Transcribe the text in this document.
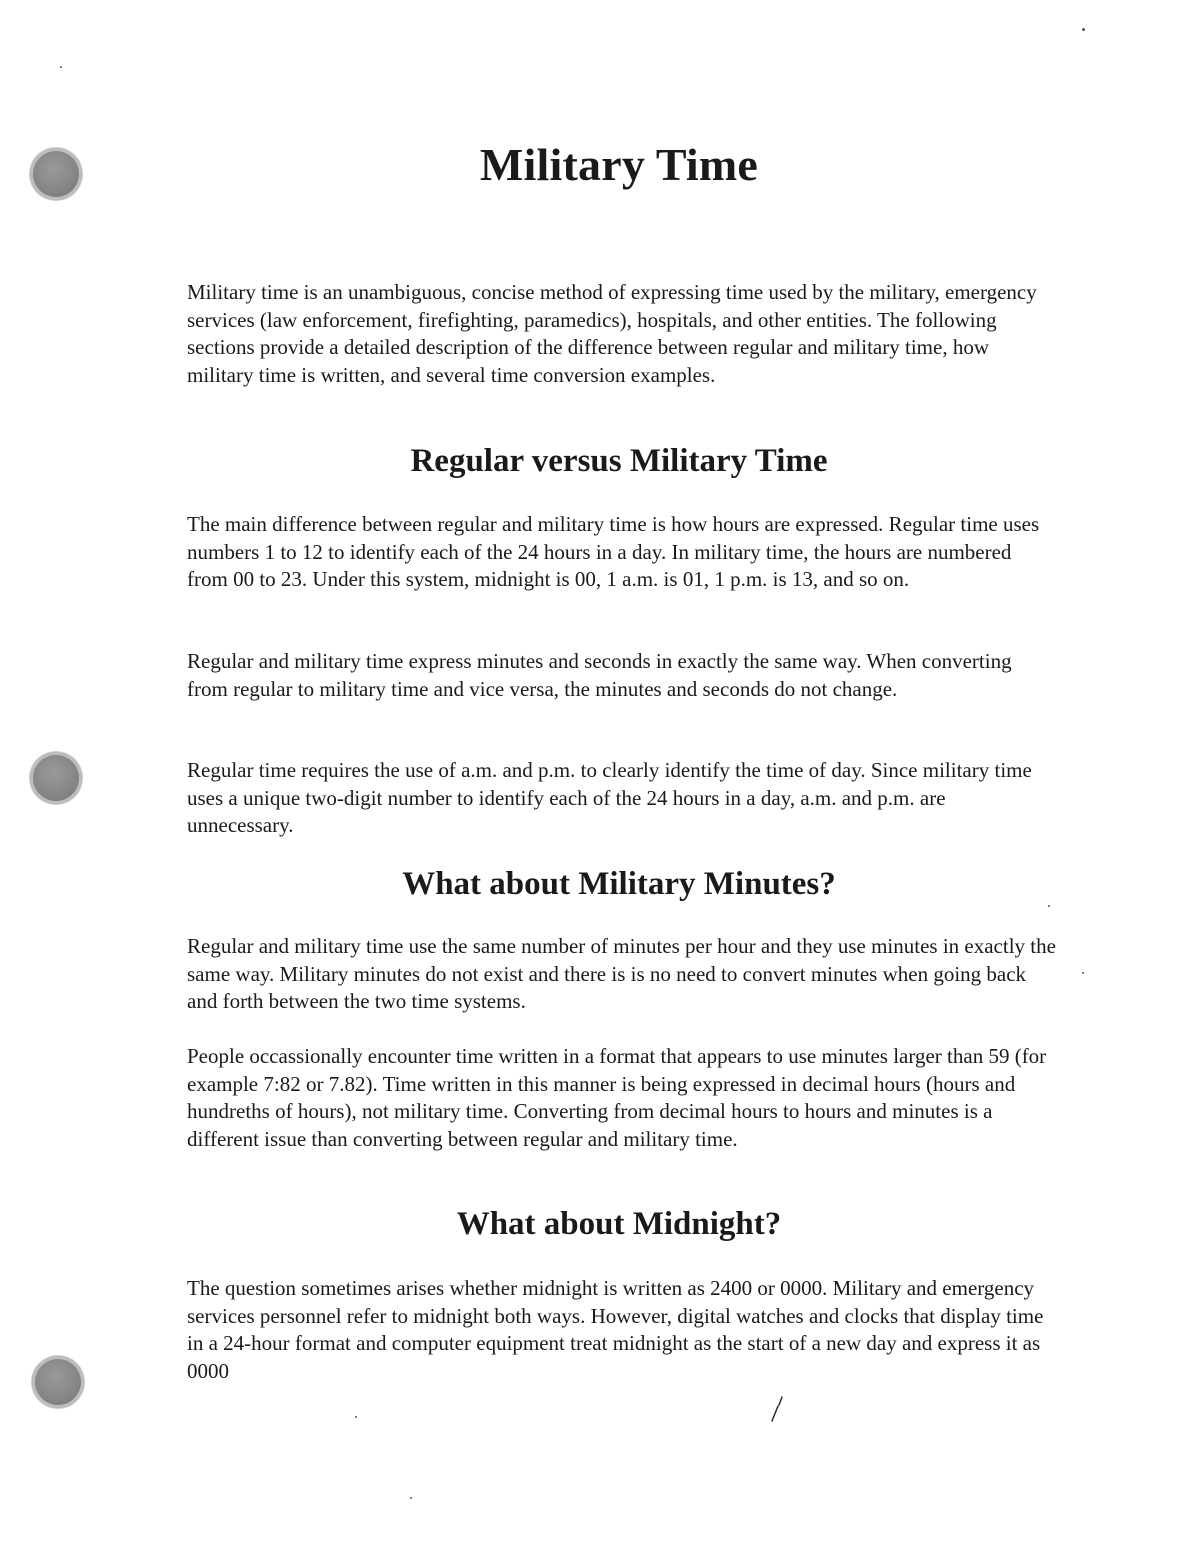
Military Time

Military time is an unambiguous, concise method of expressing time used by the military, emergency services (law enforcement, firefighting, paramedics), hospitals, and other entities. The following sections provide a detailed description of the difference between regular and military time, how military time is written, and several time conversion examples.

Regular versus Military Time

The main difference between regular and military time is how hours are expressed. Regular time uses numbers 1 to 12 to identify each of the 24 hours in a day. In military time, the hours are numbered from 00 to 23. Under this system, midnight is 00, 1 a.m. is 01, 1 p.m. is 13, and so on.

Regular and military time express minutes and seconds in exactly the same way. When converting from regular to military time and vice versa, the minutes and seconds do not change.

Regular time requires the use of a.m. and p.m. to clearly identify the time of day. Since military time uses a unique two-digit number to identify each of the 24 hours in a day, a.m. and p.m. are unnecessary.

What about Military Minutes?

Regular and military time use the same number of minutes per hour and they use minutes in exactly the same way. Military minutes do not exist and there is is no need to convert minutes when going back and forth between the two time systems.

People occassionally encounter time written in a format that appears to use minutes larger than 59 (for example 7:82 or 7.82). Time written in this manner is being expressed in decimal hours (hours and hundreths of hours), not military time. Converting from decimal hours to hours and minutes is a different issue than converting between regular and military time.

What about Midnight?

The question sometimes arises whether midnight is written as 2400 or 0000. Military and emergency services personnel refer to midnight both ways. However, digital watches and clocks that display time in a 24-hour format and computer equipment treat midnight as the start of a new day and express it as 0000
